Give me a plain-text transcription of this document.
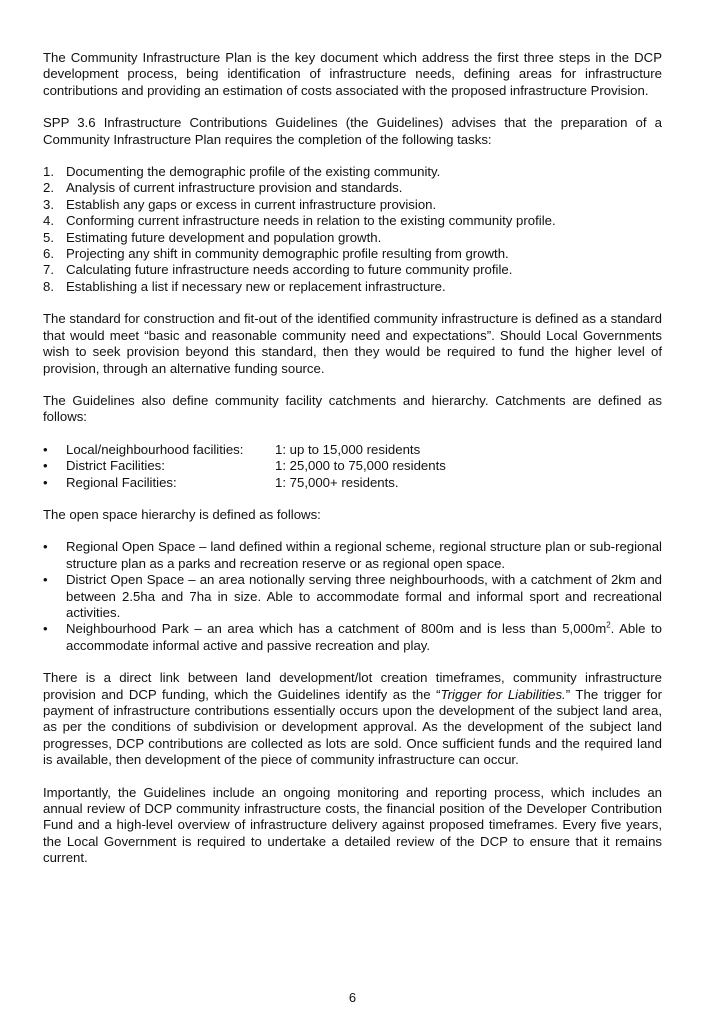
The Community Infrastructure Plan is the key document which address the first three steps in the DCP development process, being identification of infrastructure needs, defining areas for infrastructure contributions and providing an estimation of costs associated with the proposed infrastructure Provision.

SPP 3.6 Infrastructure Contributions Guidelines (the Guidelines) advises that the preparation of a Community Infrastructure Plan requires the completion of the following tasks:

1. Documenting the demographic profile of the existing community.
2. Analysis of current infrastructure provision and standards.
3. Establish any gaps or excess in current infrastructure provision.
4. Conforming current infrastructure needs in relation to the existing community profile.
5. Estimating future development and population growth.
6. Projecting any shift in community demographic profile resulting from growth.
7. Calculating future infrastructure needs according to future community profile.
8. Establishing a list if necessary new or replacement infrastructure.

The standard for construction and fit-out of the identified community infrastructure is defined as a standard that would meet “basic and reasonable community need and expectations”. Should Local Governments wish to seek provision beyond this standard, then they would be required to fund the higher level of provision, through an alternative funding source.

The Guidelines also define community facility catchments and hierarchy. Catchments are defined as follows:

• Local/neighbourhood facilities: 1: up to 15,000 residents
• District Facilities:	1: 25,000 to 75,000 residents
• Regional Facilities:	1: 75,000+ residents.

The open space hierarchy is defined as follows:

• Regional Open Space – land defined within a regional scheme, regional structure plan or sub-regional structure plan as a parks and recreation reserve or as regional open space.
• District Open Space – an area notionally serving three neighbourhoods, with a catchment of 2km and between 2.5ha and 7ha in size. Able to accommodate formal and informal sport and recreational activities.
• Neighbourhood Park – an area which has a catchment of 800m and is less than $5,000m^2$. Able to accommodate informal active and passive recreation and play.

There is a direct link between land development/lot creation timeframes, community infrastructure provision and DCP funding, which the Guidelines identify as the “Trigger for Liabilities.” The trigger for payment of infrastructure contributions essentially occurs upon the development of the subject land area, as per the conditions of subdivision or development approval. As the development of the subject land progresses, DCP contributions are collected as lots are sold. Once sufficient funds and the required land is available, then development of the piece of community infrastructure can occur.

Importantly, the Guidelines include an ongoing monitoring and reporting process, which includes an annual review of DCP community infrastructure costs, the financial position of the Developer Contribution Fund and a high-level overview of infrastructure delivery against proposed timeframes. Every five years, the Local Government is required to undertake a detailed review of the DCP to ensure that it remains current.

6
